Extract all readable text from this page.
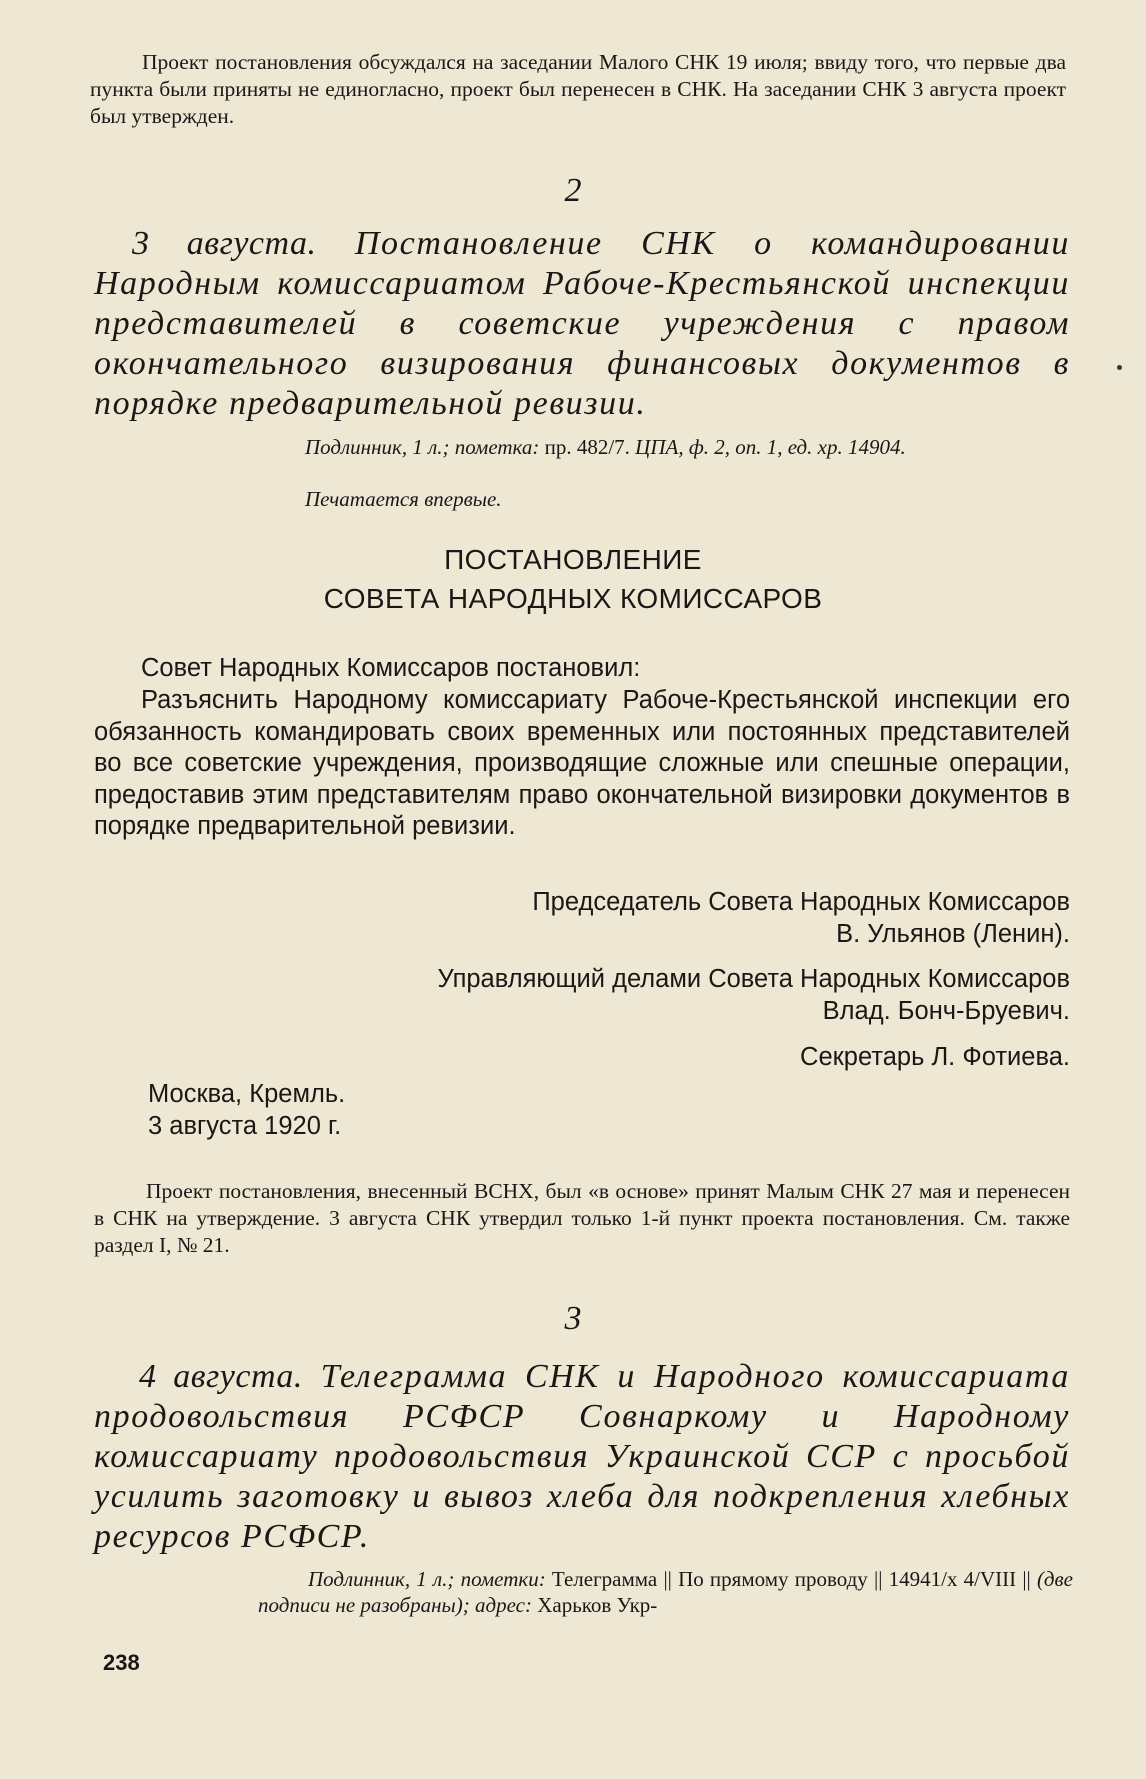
Проект постановления обсуждался на заседании Малого СНК 19 июля; ввиду того, что первые два пункта были приняты не единогласно, проект был перенесен в СНК. На заседании СНК 3 августа проект был утвержден.

2

3 августа. Постановление СНК о командировании Народным комиссариатом Рабоче-Крестьянской инспекции представителей в советские учреждения с правом окончательного визирования финансовых документов в порядке предварительной ревизии.

Подлинник, 1 л.; пометка: пр. 482/7. ЦПА, ф. 2, оп. 1, ед. хр. 14904.

Печатается впервые.

ПОСТАНОВЛЕНИЕ
СОВЕТА НАРОДНЫХ КОМИССАРОВ

Совет Народных Комиссаров постановил:

Разъяснить Народному комиссариату Рабоче-Крестьянской инспекции его обязанность командировать своих временных или постоянных представителей во все советские учреждения, производящие сложные или спешные операции, предоставив этим представителям право окончательной визировки документов в порядке предварительной ревизии.

Председатель Совета Народных Комиссаров

В. Ульянов (Ленин).

Управляющий делами Совета Народных Комиссаров

Влад. Бонч-Бруевич.

Секретарь Л. Фотиева.

Москва, Кремль.

3 августа 1920 г.

Проект постановления, внесенный ВСНХ, был «в основе» принят Малым СНК 27 мая и перенесен в СНК на утверждение. 3 августа СНК утвердил только 1-й пункт проекта постановления. См. также раздел I, № 21.

3

4 августа. Телеграмма СНК и Народного комиссариата продовольствия РСФСР Совнаркому и Народному комиссариату продовольствия Украинской ССР с просьбой усилить заготовку и вывоз хлеба для подкрепления хлебных ресурсов РСФСР.

Подлинник, 1 л.; пометки: Телеграмма || По прямому проводу || 14941/х 4/VIII || (две подписи не разобраны); адрес: Харьков Укр-

238
